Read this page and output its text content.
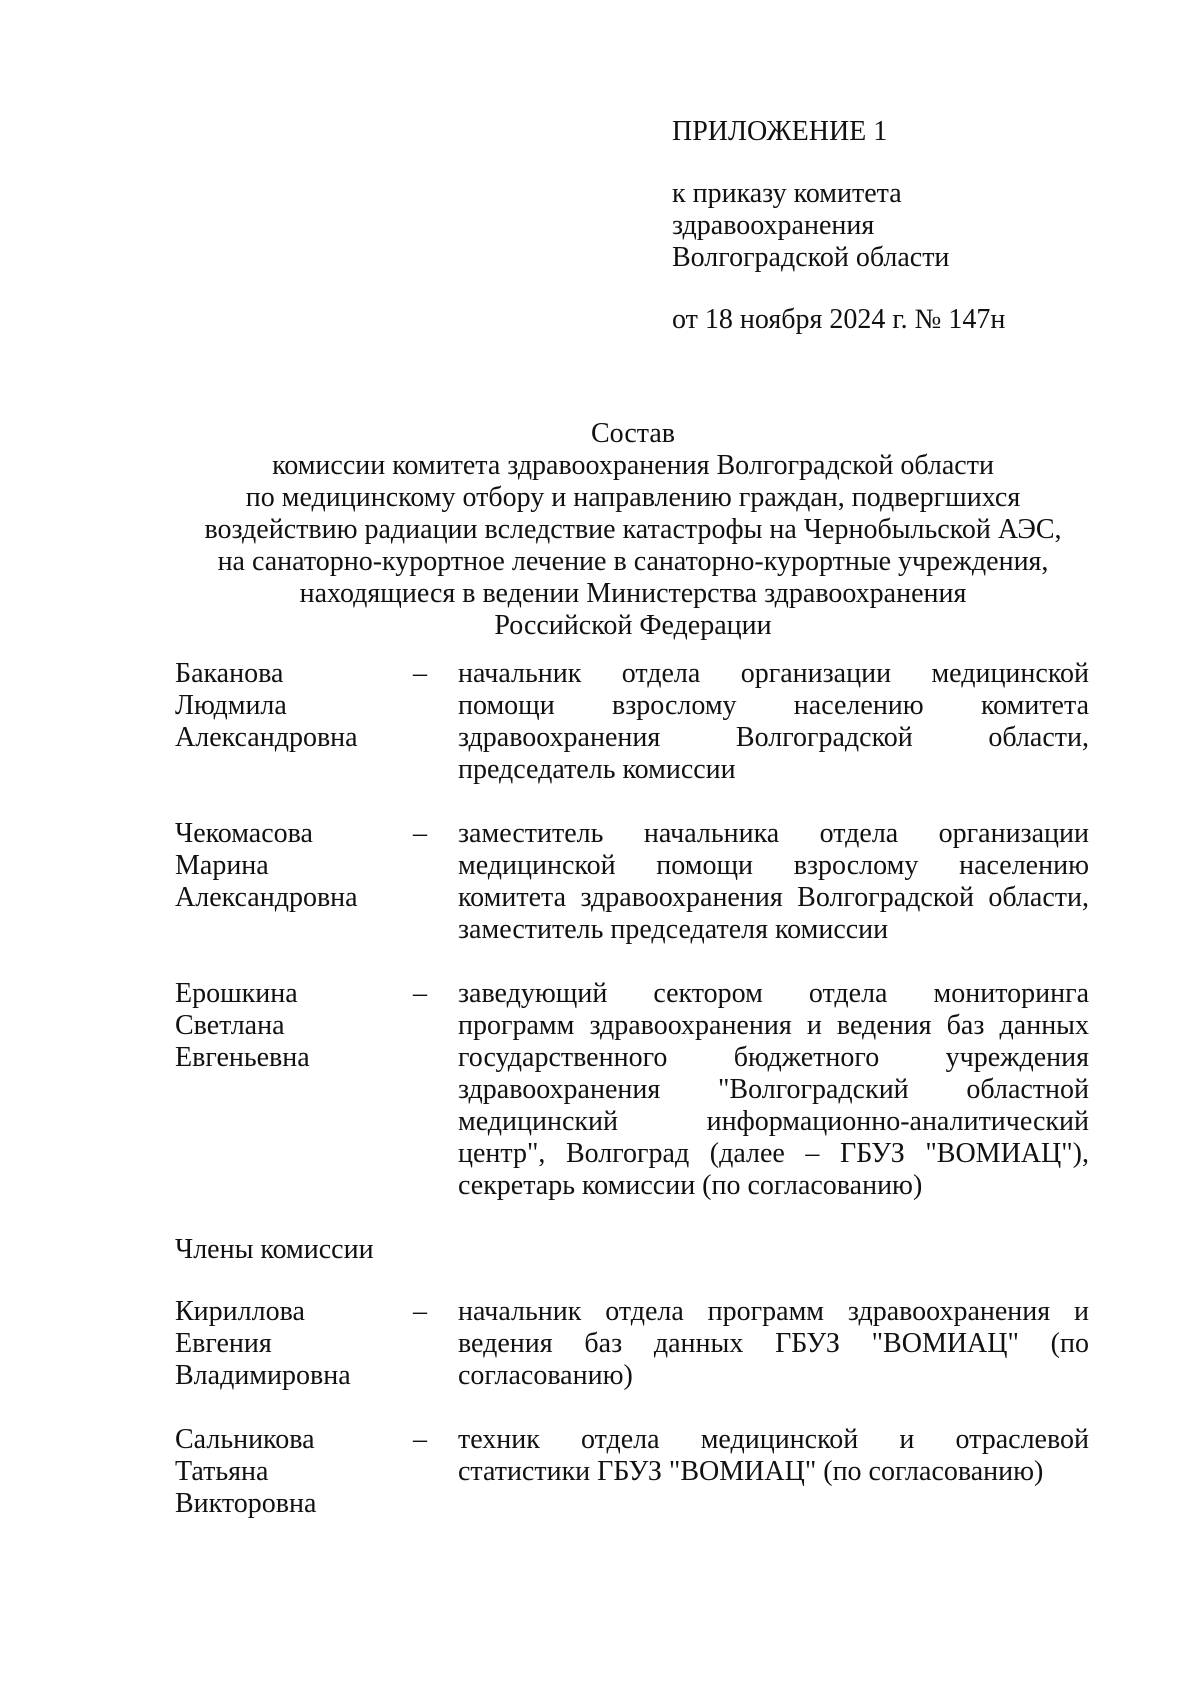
ПРИЛОЖЕНИЕ 1
к приказу комитета
здравоохранения
Волгоградской области
от 18 ноября 2024 г. № 147н
Состав
комиссии комитета здравоохранения Волгоградской области
по медицинскому отбору и направлению граждан, подвергшихся
воздействию радиации вследствие катастрофы на Чернобыльской АЭС,
на санаторно-курортное лечение в санаторно-курортные учреждения,
находящиеся в ведении Министерства здравоохранения
Российской Федерации
Баканова
Людмила
Александровна
–	начальник отдела организации медицинской помощи взрослому населению комитета здравоохранения Волгоградской области, председатель комиссии
Чекомасова
Марина
Александровна
–	заместитель начальника отдела организации медицинской помощи взрослому населению комитета здравоохранения Волгоградской области, заместитель председателя комиссии
Ерошкина
Светлана
Евгеньевна
–	заведующий сектором отдела мониторинга программ здравоохранения и ведения баз данных государственного бюджетного учреждения здравоохранения "Волгоградский областной медицинский информационно-аналитический центр", Волгоград (далее – ГБУЗ "ВОМИАЦ"), секретарь комиссии (по согласованию)
Члены комиссии
Кириллова
Евгения
Владимировна
–	начальник отдела программ здравоохранения и ведения баз данных ГБУЗ "ВОМИАЦ" (по согласованию)
Сальникова
Татьяна
Викторовна
–	техник отдела медицинской и отраслевой статистики ГБУЗ "ВОМИАЦ" (по согласованию)
